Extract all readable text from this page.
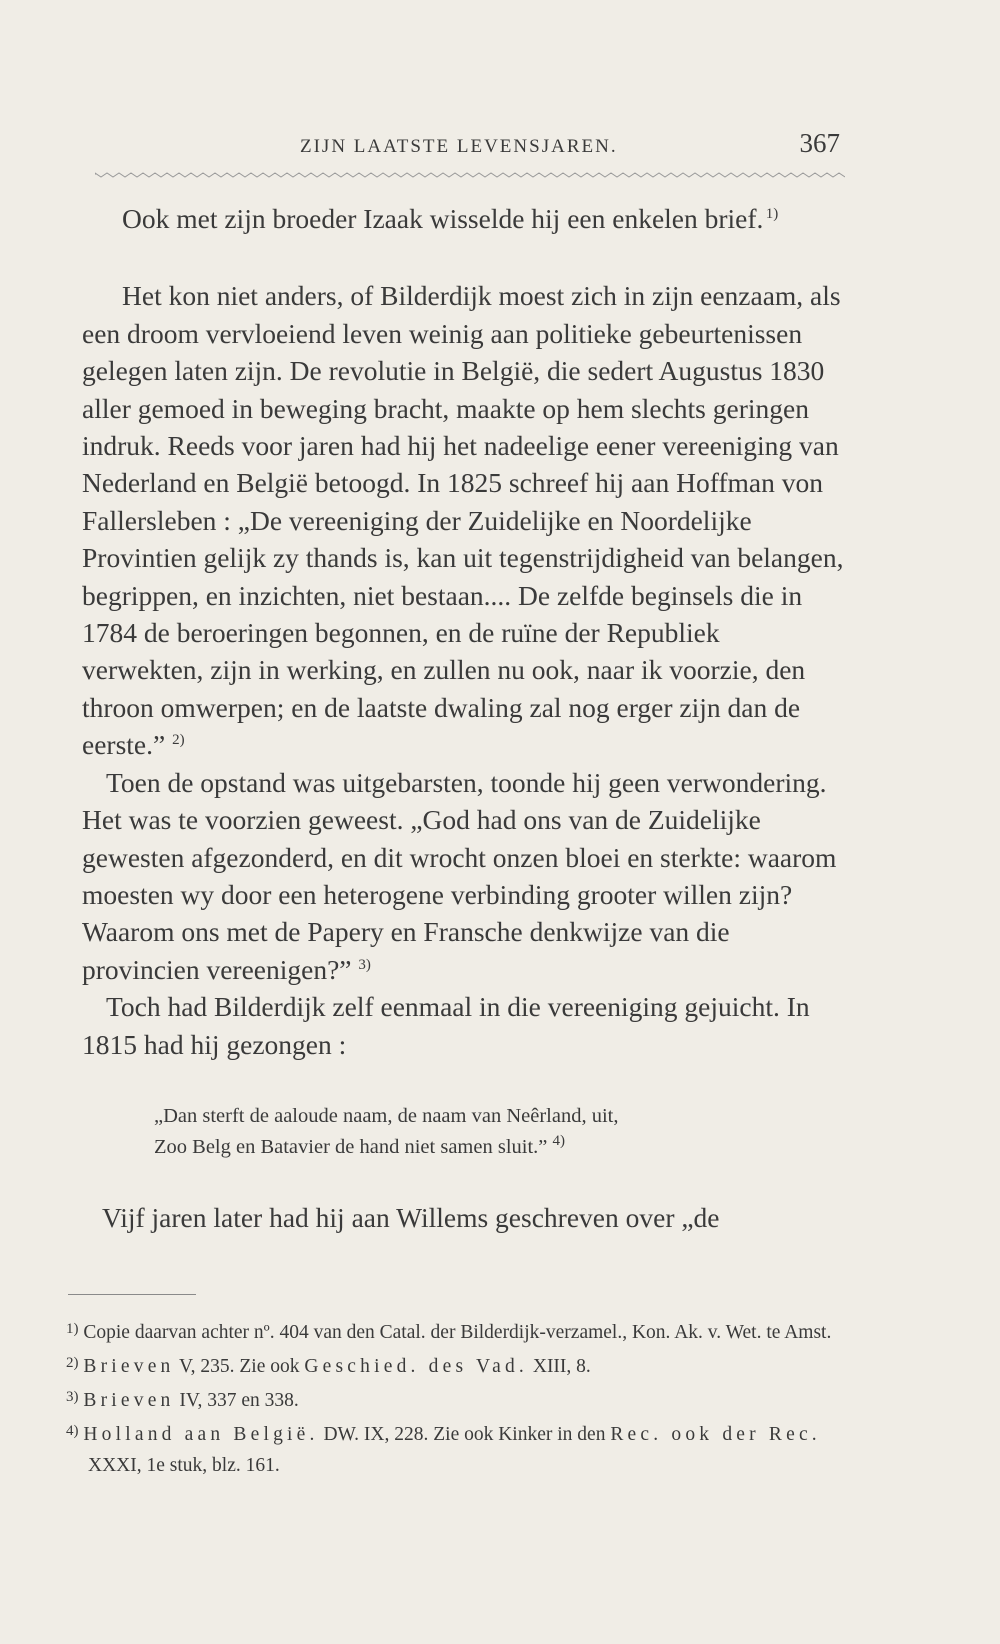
ZIJN LAATSTE LEVENSJAREN.	367

Ook met zijn broeder Izaak wisselde hij een enkelen brief.  $^{1)}$

Het kon niet anders, of Bilderdijk moest zich in zijn eenzaam, als een droom vervloeiend leven weinig aan politieke gebeurtenissen gelegen laten zijn. De revolutie in België, die sedert Augustus 1830 aller gemoed in beweging bracht, maakte op hem slechts geringen indruk. Reeds voor jaren had hij het nadeelige eener vereeniging van Nederland en België betoogd. In 1825 schreef hij aan Hoffman von Fallersleben : „De vereeniging der Zuidelijke en Noordelijke Provintien gelijk zy thands is, kan uit tegenstrijdigheid van belangen, begrippen, en inzichten, niet bestaan.... De zelfde beginsels die in 1784 de beroeringen begonnen, en de ruïne der Republiek verwekten, zijn in werking, en zullen nu ook, naar ik voorzie, den throon omwerpen; en de laatste dwaling zal nog erger zijn dan de eerste.” $^{2)}$

Toen de opstand was uitgebarsten, toonde hij geen verwondering. Het was te voorzien geweest. „God had ons van de Zuidelijke gewesten afgezonderd, en dit wrocht onzen bloei en sterkte: waarom moesten wy door een heterogene verbinding grooter willen zijn? Waarom ons met de Papery en Fransche denkwijze van die provincien vereenigen?” $^{3)}$

Toch had Bilderdijk zelf eenmaal in die vereeniging gejuicht. In 1815 had hij gezongen :

„Dan sterft de aaloude naam, de naam van Neêrland, uit,
Zoo Belg en Batavier de hand niet samen sluit.” $^{4)}$

Vijf jaren later had hij aan Willems geschreven over „de

$^{1)}$ Copie daarvan achter nº. 404 van den Catal. der Bilderdijk-verzamel., Kon. Ak. v. Wet. te Amst.
$^{2)}$ Brieven V, 235. Zie ook Geschied. des Vad. XIII, 8.
$^{3)}$ Brieven IV, 337 en 338.
$^{4)}$ Holland aan België. DW. IX, 228. Zie ook Kinker in den Rec. ook der Rec. XXXI, 1e stuk, blz. 161.
